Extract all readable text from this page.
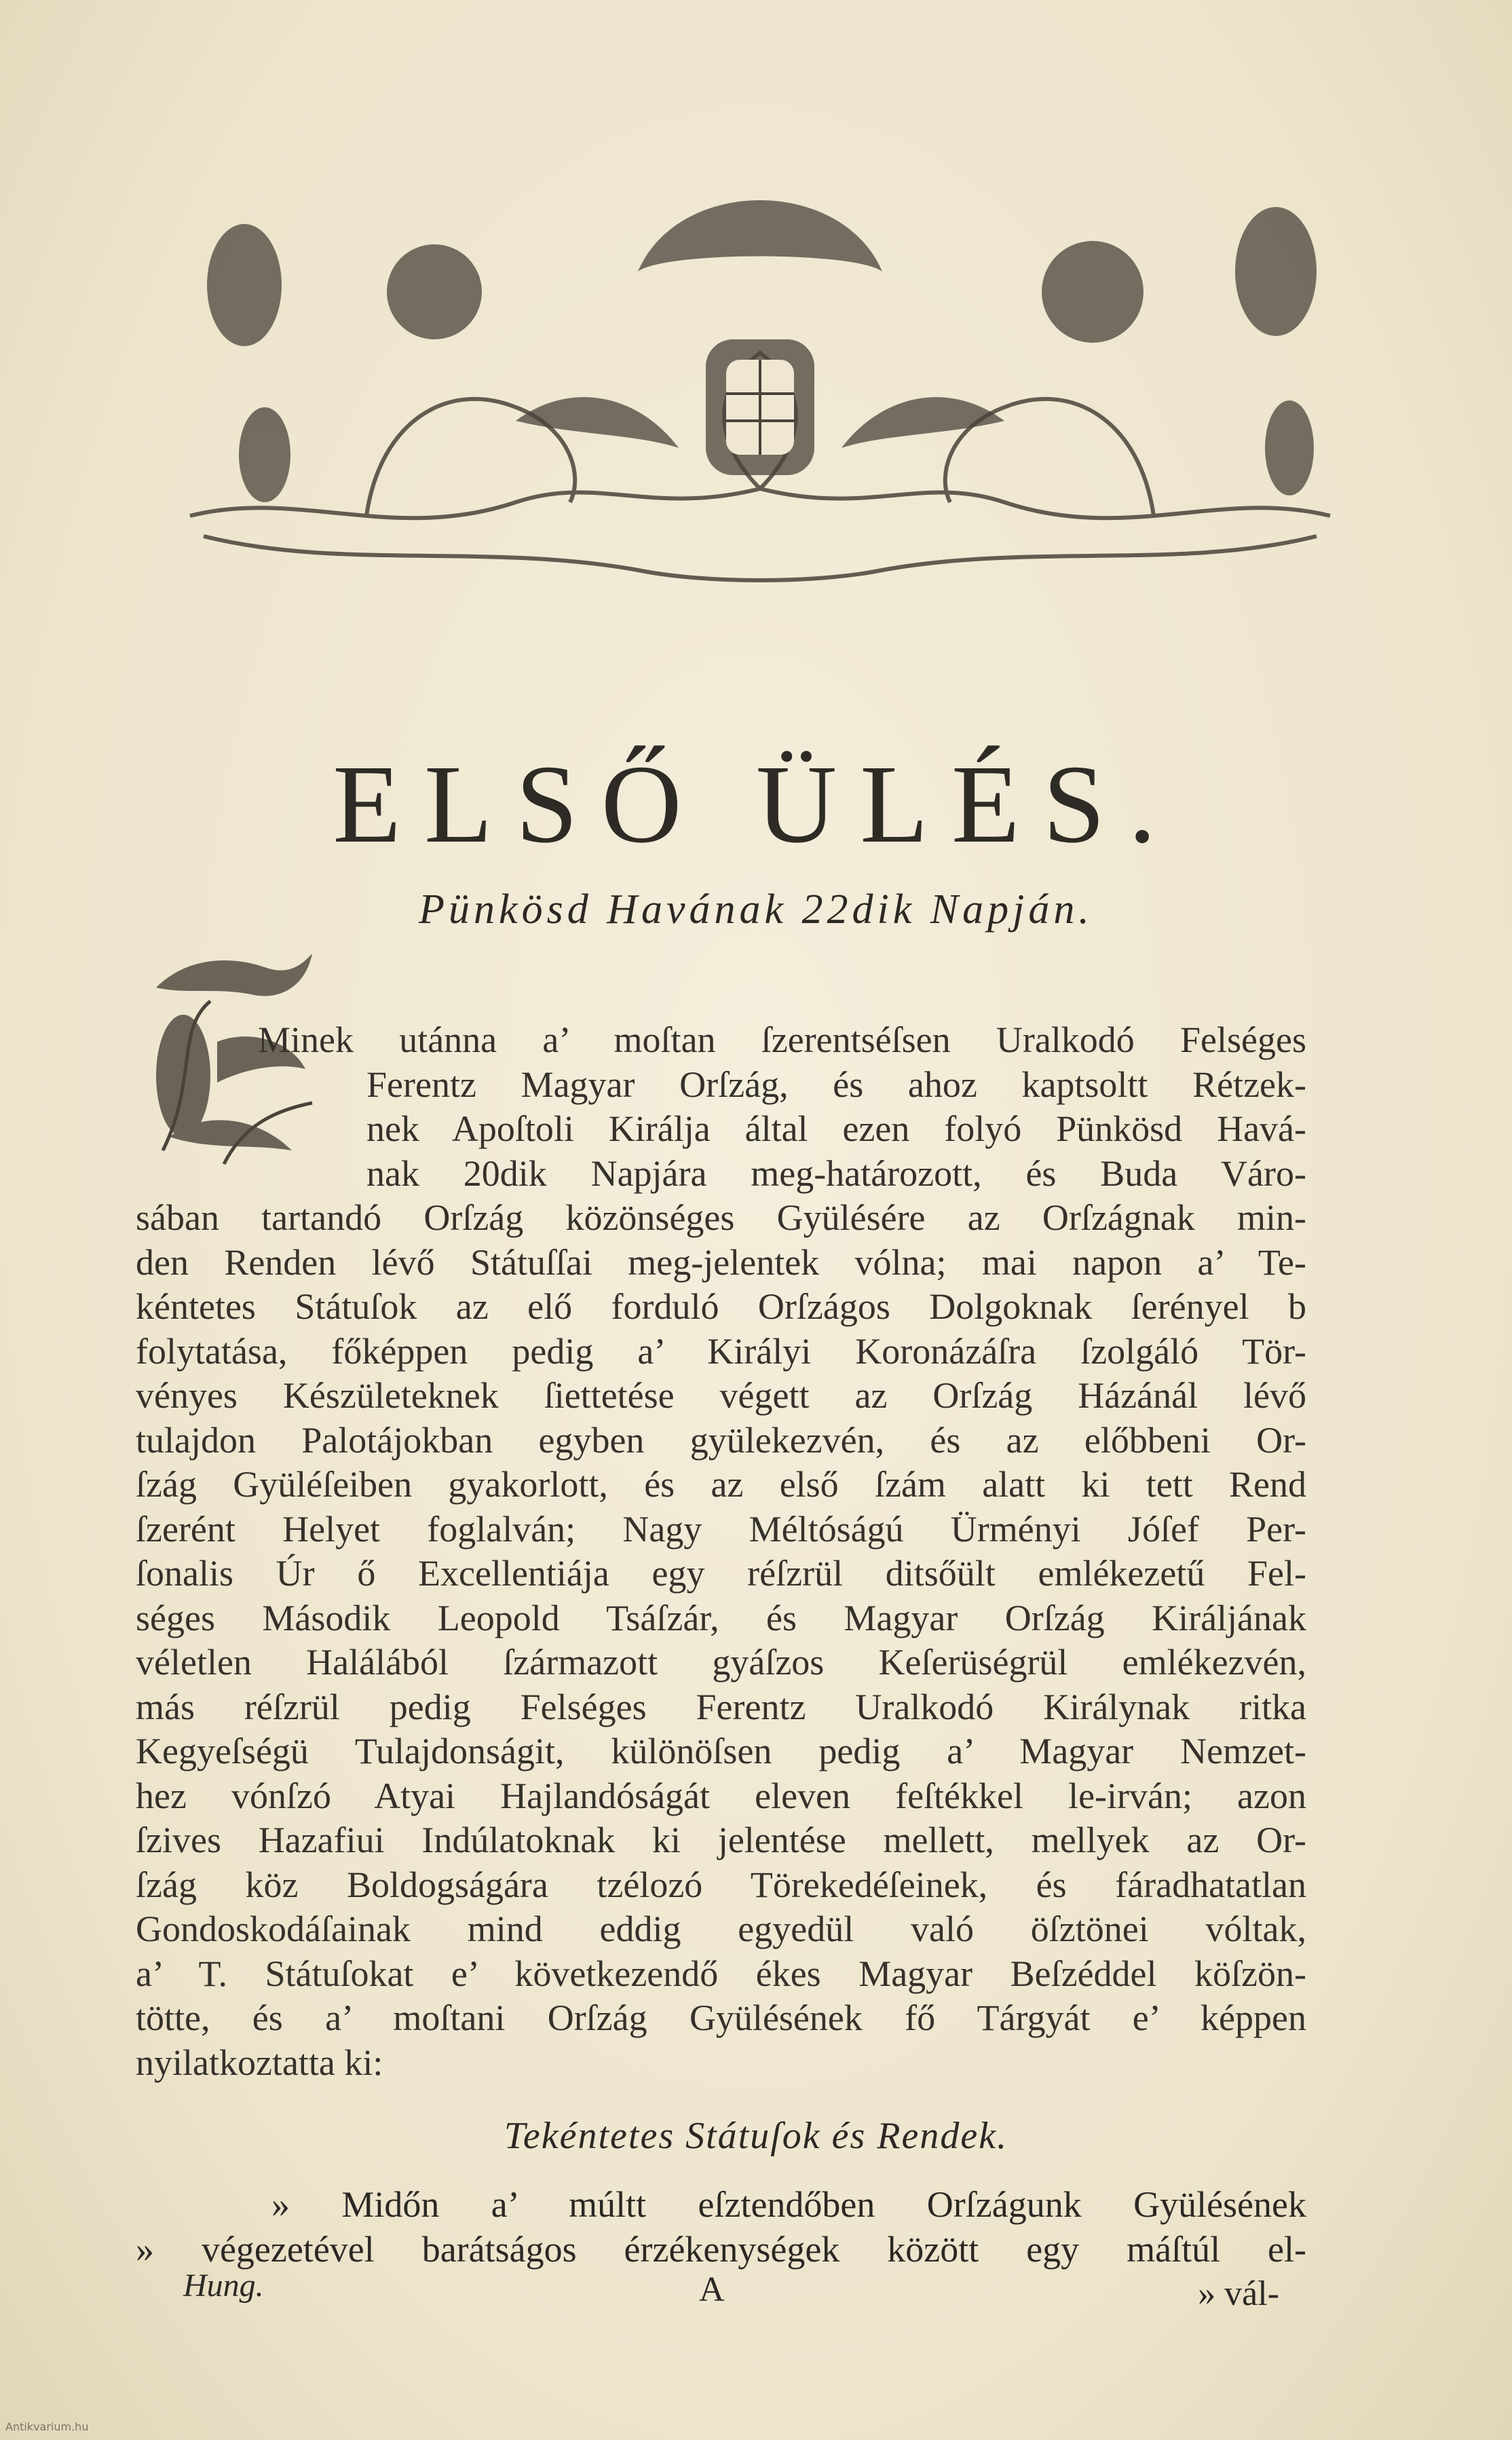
ELSŐ ÜLÉS.
Pünkösd Havának 22dik Napján.
Minek utánna a’ moſtan ſzerentséſsen Uralkodó Felséges
Ferentz Magyar Orſzág, és ahoz kaptsoltt Rétzek-
nek Apoſtoli Királja által ezen folyó Pünkösd Havá-
nak 20dik Napjára meg-határozott, és Buda Váro-
sában tartandó Orſzág közönséges Gyülésére az Orſzágnak min-
den Renden lévő Státuſſai meg-jelentek vólna; mai napon a’ Te-
kéntetes Státuſok az elő forduló Orſzágos Dolgoknak ſerényel b
folytatása, főképpen pedig a’ Királyi Koronázáſra ſzolgáló Tör-
vényes Készületeknek ſiettetése végett az Orſzág Házánál lévő
tulajdon Palotájokban egyben gyülekezvén, és az előbbeni Or-
ſzág Gyüléſeiben gyakorlott, és az első ſzám alatt ki tett Rend
ſzerént Helyet foglalván; Nagy Méltóságú Ürményi Jóſef Per-
ſonalis Úr ő Excellentiája egy réſzrül ditsőült emlékezetű Fel-
séges Második Leopold Tsáſzár, és Magyar Orſzág Királjának
véletlen Halálából ſzármazott gyáſzos Keſerüségrül emlékezvén,
más réſzrül pedig Felséges Ferentz Uralkodó Királynak ritka
Kegyeſségü Tulajdonságit, különöſsen pedig a’ Magyar Nemzet-
hez vónſzó Atyai Hajlandóságát eleven feſtékkel le-irván; azon
ſzives Hazafiui Indúlatoknak ki jelentése mellett, mellyek az Or-
ſzág köz Boldogságára tzélozó Törekedéſeinek, és fáradhatatlan
Gondoskodáſainak mind eddig egyedül való öſztönei vóltak,
a’ T. Státuſokat e’ következendő ékes Magyar Beſzéddel köſzön-
tötte, és a’ moſtani Orſzág Gyülésének fő Tárgyát e’ képpen
nyilatkoztatta ki:
Tekéntetes Státuſok és Rendek.
» Midőn a’ múltt eſztendőben Orſzágunk Gyülésének
» végezetével barátságos érzékenységek között egy máſtúl el-
Hung.	A	» vál-
Antikvarium.hu
